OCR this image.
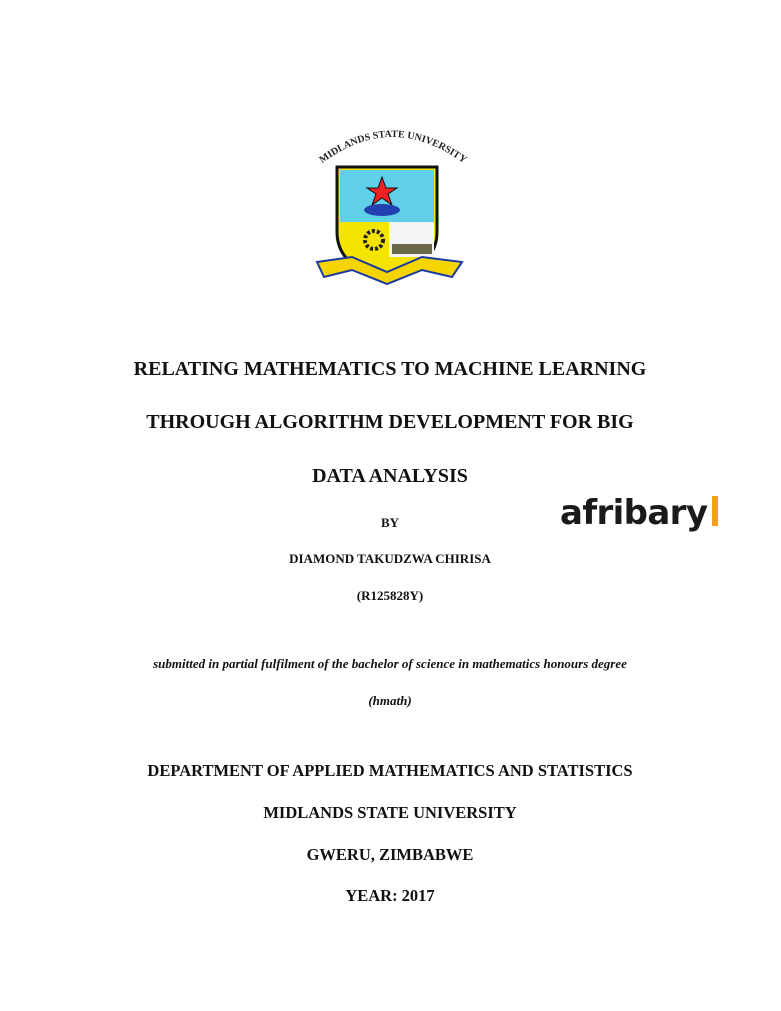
MIDLANDS STATE UNIVERSITY
afribary
RELATING MATHEMATICS TO MACHINE LEARNING
THROUGH ALGORITHM DEVELOPMENT FOR BIG
DATA ANALYSIS
BY
DIAMOND TAKUDZWA CHIRISA
(R125828Y)
submitted in partial fulfilment of the bachelor of science in mathematics honours degree
(hmath)
DEPARTMENT OF APPLIED MATHEMATICS AND STATISTICS
MIDLANDS STATE UNIVERSITY
GWERU, ZIMBABWE
YEAR: 2017
